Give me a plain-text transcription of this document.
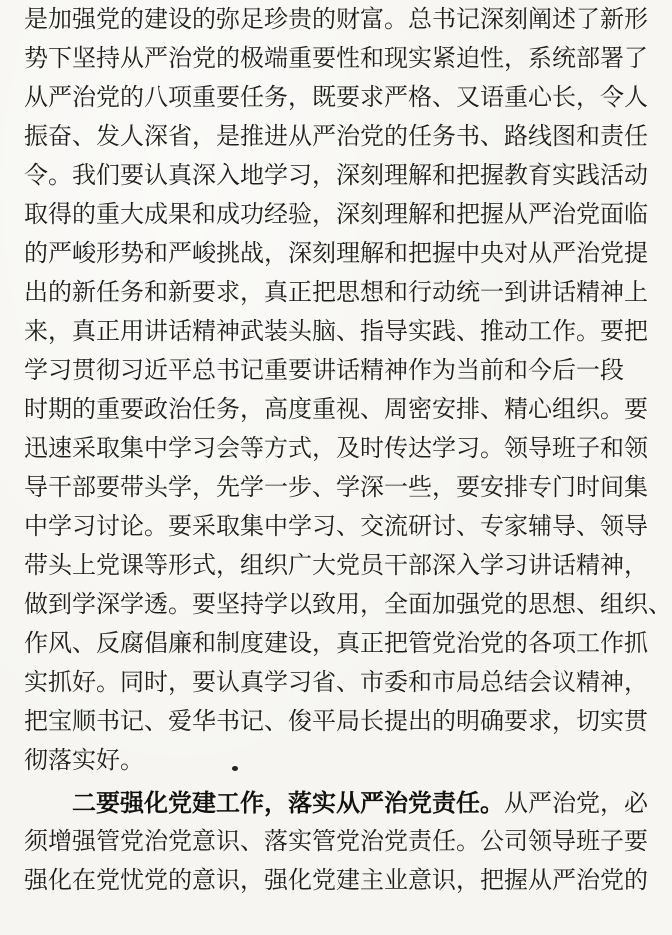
是加强党的建设的弥足珍贵的财富。总书记深刻阐述了新形
势下坚持从严治党的极端重要性和现实紧迫性，系统部署了
从严治党的八项重要任务，既要求严格、又语重心长，令人
振奋、发人深省，是推进从严治党的任务书、路线图和责任
令。我们要认真深入地学习，深刻理解和把握教育实践活动
取得的重大成果和成功经验，深刻理解和把握从严治党面临
的严峻形势和严峻挑战，深刻理解和把握中央对从严治党提
出的新任务和新要求，真正把思想和行动统一到讲话精神上
来，真正用讲话精神武装头脑、指导实践、推动工作。要把
学习贯彻习近平总书记重要讲话精神作为当前和今后一段
时期的重要政治任务，高度重视、周密安排、精心组织。要
迅速采取集中学习会等方式，及时传达学习。领导班子和领
导干部要带头学，先学一步、学深一些，要安排专门时间集
中学习讨论。要采取集中学习、交流研讨、专家辅导、领导
带头上党课等形式，组织广大党员干部深入学习讲话精神，
做到学深学透。要坚持学以致用，全面加强党的思想、组织、
作风、反腐倡廉和制度建设，真正把管党治党的各项工作抓
实抓好。同时，要认真学习省、市委和市局总结会议精神，
把宝顺书记、爱华书记、俊平局长提出的明确要求，切实贯
彻落实好。
二要强化党建工作，落实从严治党责任。从严治党，必
须增强管党治党意识、落实管党治党责任。公司领导班子要
强化在党忧党的意识，强化党建主业意识，把握从严治党的
